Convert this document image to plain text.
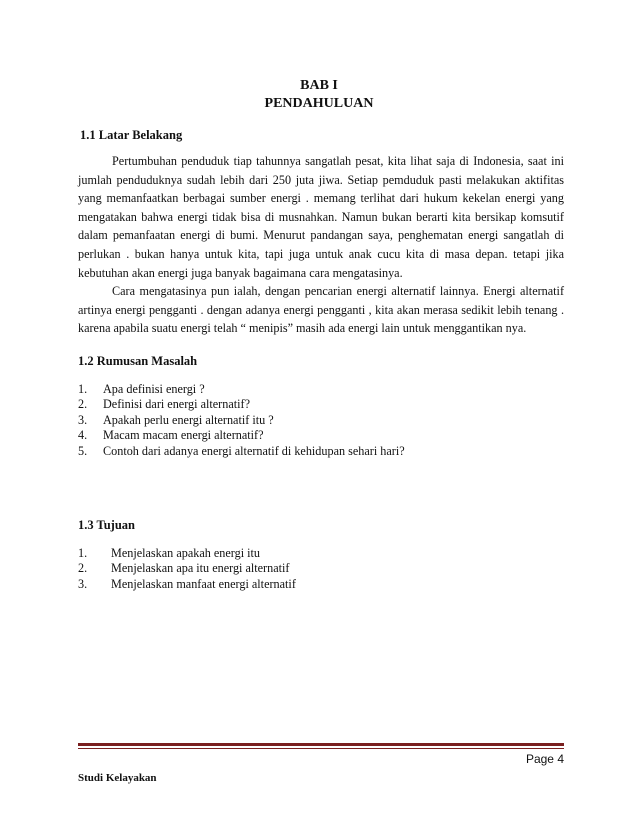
BAB I
PENDAHULUAN
1.1 Latar Belakang

Pertumbuhan penduduk tiap tahunnya sangatlah pesat, kita lihat saja di Indonesia, saat ini jumlah penduduknya sudah lebih dari 250 juta jiwa. Setiap pemduduk pasti melakukan aktifitas yang memanfaatkan berbagai sumber energi . memang terlihat dari hukum kekelan energi yang mengatakan bahwa energi tidak bisa di musnahkan. Namun bukan berarti kita bersikap komsutif dalam pemanfaatan energi di bumi. Menurut pandangan saya, penghematan energi sangatlah di perlukan . bukan hanya untuk kita, tapi juga untuk anak cucu kita di masa depan. tetapi jika kebutuhan akan energi juga banyak bagaimana cara mengatasinya.

Cara mengatasinya pun ialah, dengan pencarian energi alternatif lainnya. Energi alternatif artinya energi pengganti . dengan adanya energi pengganti , kita akan merasa sedikit lebih tenang . karena apabila suatu energi telah “ menipis” masih ada energi lain untuk menggantikan nya.

1.2 Rumusan Masalah
1.	Apa definisi energi ?
2.	Definisi dari energi alternatif?
3.	Apakah perlu energi alternatif itu ?
4.	Macam macam energi alternatif?
5.	Contoh dari adanya energi alternatif di kehidupan sehari hari?
1.3 Tujuan
1.	Menjelaskan apakah energi itu
2.	Menjelaskan apa itu energi alternatif
3.	Menjelaskan manfaat energi alternatif
Page 4
Studi Kelayakan
